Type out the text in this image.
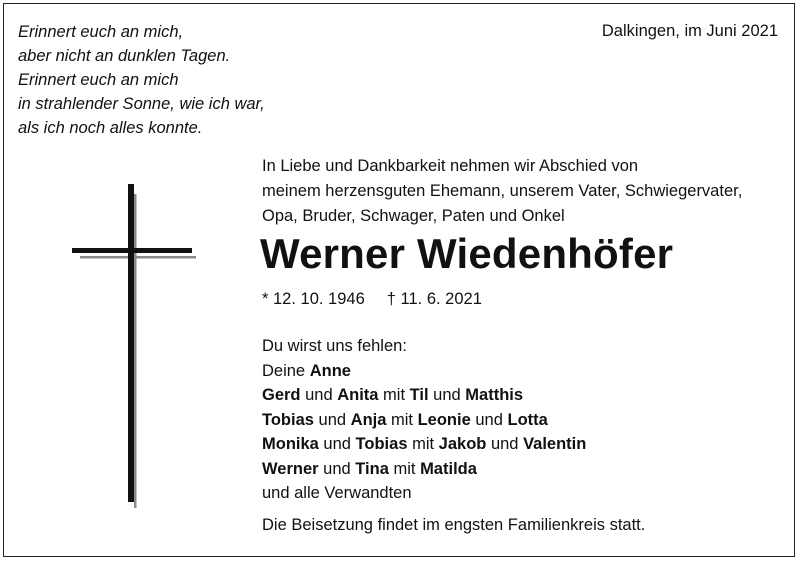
Erinnert euch an mich,
aber nicht an dunklen Tagen.
Erinnert euch an mich
in strahlender Sonne, wie ich war,
als ich noch alles konnte.
Dalkingen, im Juni 2021
In Liebe und Dankbarkeit nehmen wir Abschied von
meinem herzensguten Ehemann, unserem Vater, Schwiegervater,
Opa, Bruder, Schwager, Paten und Onkel
Werner Wiedenhöfer
* 12. 10. 1946 † 11. 6. 2021
Du wirst uns fehlen:
Deine Anne
Gerd und Anita mit Til und Matthis
Tobias und Anja mit Leonie und Lotta
Monika und Tobias mit Jakob und Valentin
Werner und Tina mit Matilda
und alle Verwandten
Die Beisetzung findet im engsten Familienkreis statt.
